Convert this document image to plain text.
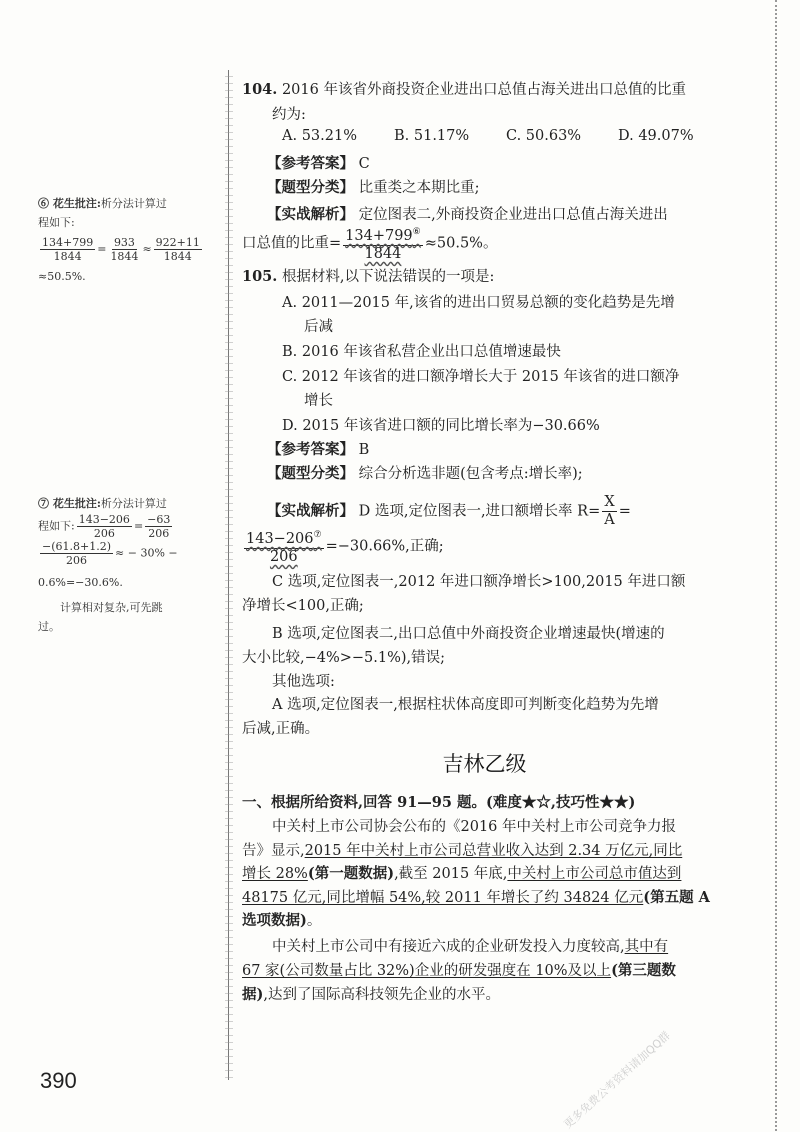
⑥ 花生批注:析分法计算过
程如下:
$\frac{134+799}{1844} = \frac{933}{1844} \approx \frac{922+11}{1844}$
≈50.5%.
⑦ 花生批注:析分法计算过
程如下: $\frac{143-206}{206} = \frac{-63}{206}$
$\frac{-(61.8+1.2)}{206}$ ≈ − 30% −
0.6%=−30.6%.
计算相对复杂,可先跳
过。
104. 2016 年该省外商投资企业进出口总值占海关进出口总值的比重
约为:
A. 53.21%	B. 51.17%	C. 50.63%	D. 49.07%
【参考答案】 C
【题型分类】 比重类之本期比重;
【实战解析】 定位图表二,外商投资企业进出口总值占海关进出
口总值的比重= $\frac{134+799^⑥}{1844} \approx 50.5\%$。
105. 根据材料,以下说法错误的一项是:
A. 2011—2015 年,该省的进出口贸易总额的变化趋势是先增
后减
B. 2016 年该省私营企业出口总值增速最快
C. 2012 年该省的进口额净增长大于 2015 年该省的进口额净
增长
D. 2015 年该省进口额的同比增长率为−30.66%
【参考答案】 B
【题型分类】 综合分析选非题(包含考点:增长率);
【实战解析】 D 选项,定位图表一,进口额增长率 $R= \frac{X}{A}$ =
$\frac{143-206^⑦}{206} =-30.66\%$,正确;
C 选项,定位图表一,2012 年进口额净增长>100,2015 年进口额
净增长<100,正确;
B 选项,定位图表二,出口总值中外商投资企业增速最快(增速的
大小比较,−4%>−5.1%),错误;
其他选项:
A 选项,定位图表一,根据柱状体高度即可判断变化趋势为先增
后减,正确。
一、根据所给资料,回答 91—95 题。(难度★☆,技巧性★★)
中关村上市公司协会公布的《2016 年中关村上市公司竞争力报
告》显示,2015 年中关村上市公司总营业收入达到 2.34 万亿元,同比
增长 28%(第一题数据),截至 2015 年底,中关村上市公司总市值达到
48175 亿元,同比增幅 54%,较 2011 年增长了约 34824 亿元(第五题 A
选项数据)。
中关村上市公司中有接近六成的企业研发投入力度较高,其中有
67 家(公司数量占比 32%)企业的研发强度在 10%及以上(第三题数
据),达到了国际高科技领先企业的水平。
吉林乙级
390	更多免费公考资料请加QQ群
